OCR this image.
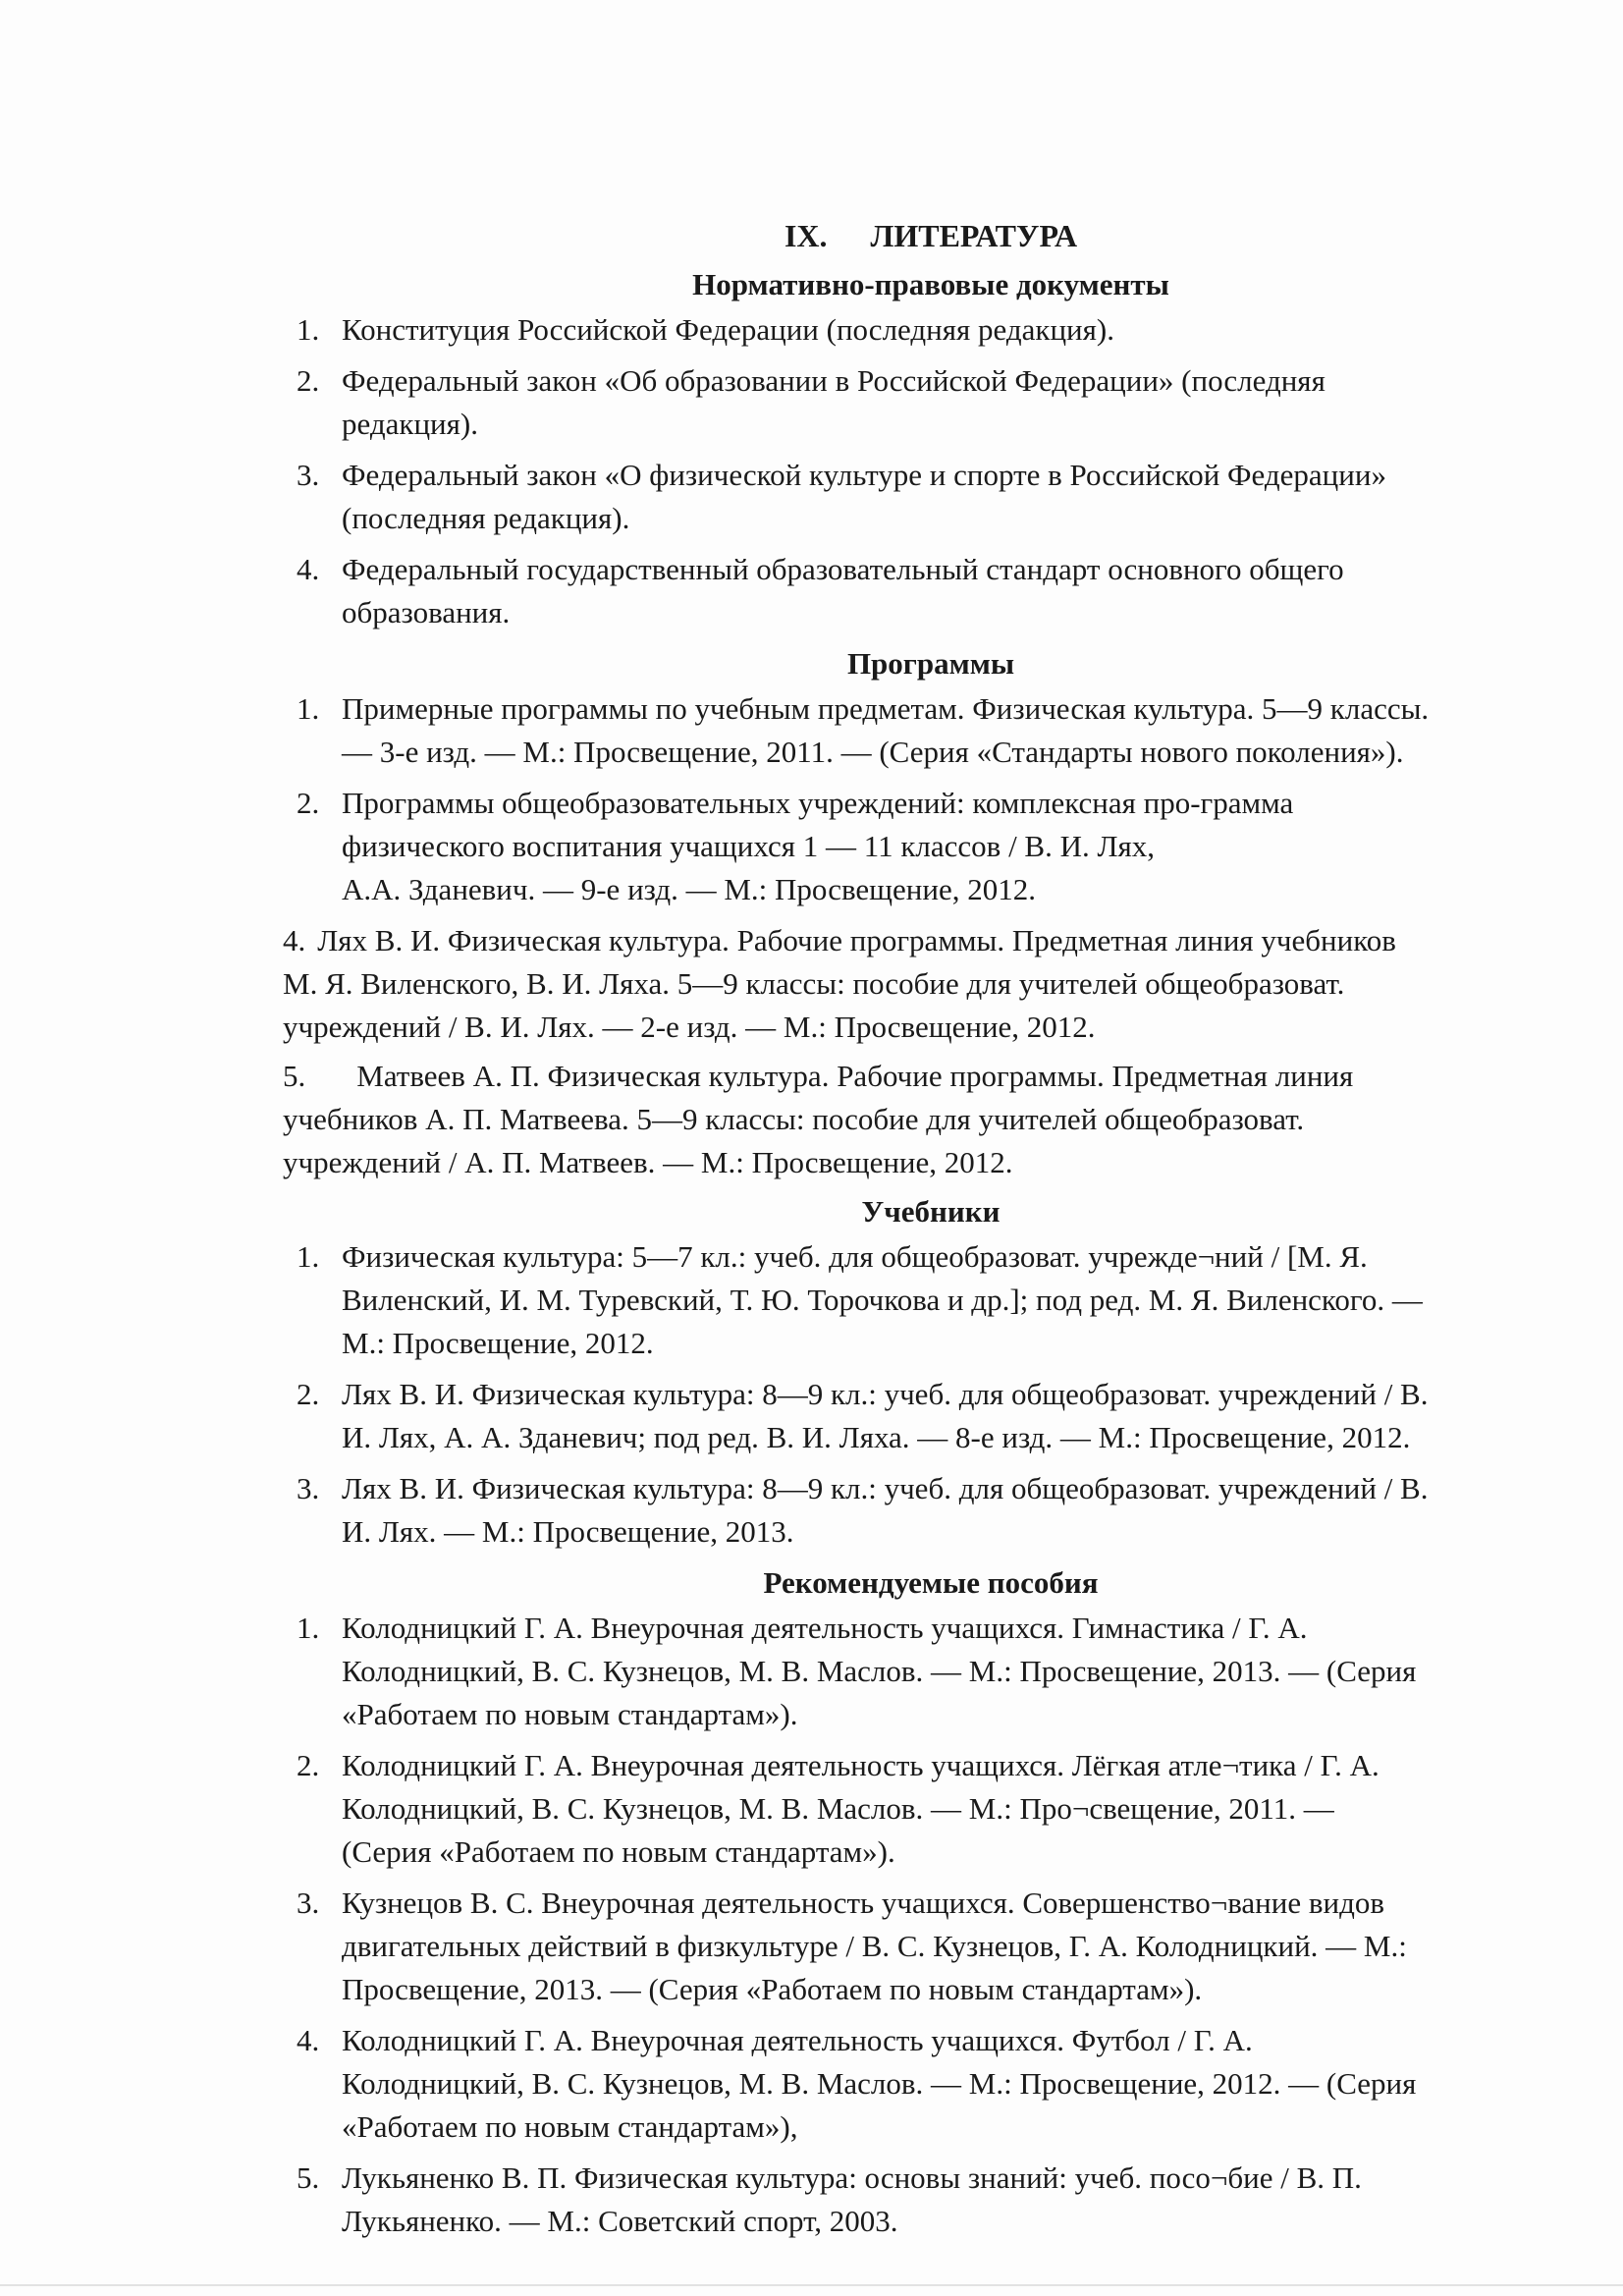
IX. ЛИТЕРАТУРА
Нормативно-правовые документы
1. Конституция Российской Федерации (последняя редакция).
2. Федеральный закон «Об образовании в Российской Федерации» (последняя
редакция).
3. Федеральный закон «О физической культуре и спорте в Российской Федерации»
(последняя редакция).
4. Федеральный государственный образовательный стандарт основного общего
образования.
Программы
1. Примерные программы по учебным предметам. Физическая культура. 5—9 классы.
— 3-е изд. — М.: Просвещение, 2011. — (Серия «Стандарты нового поколения»).
2. Программы общеобразовательных учреждений: комплексная про-грамма
физического воспитания учащихся 1 — 11 классов / В. И. Лях,
А.А. Зданевич. — 9-е изд. — М.: Просвещение, 2012.
4. Лях В. И. Физическая культура. Рабочие программы. Предметная линия учебников
М. Я. Виленского, В. И. Ляха. 5—9 классы: пособие для учителей общеобразоват.
учреждений / В. И. Лях. — 2-е изд. — М.: Просвещение, 2012.
5. Матвеев А. П. Физическая культура. Рабочие программы. Предметная линия
учебников А. П. Матвеева. 5—9 классы: пособие для учителей общеобразоват.
учреждений / А. П. Матвеев. — М.: Просвещение, 2012.
Учебники
1. Физическая культура: 5—7 кл.: учеб. для общеобразоват. учрежде¬ний / [М. Я.
Виленский, И. М. Туревский, Т. Ю. Торочкова и др.]; под ред. М. Я. Виленского. —
М.: Просвещение, 2012.
2. Лях В. И. Физическая культура: 8—9 кл.: учеб. для общеобразоват. учреждений / В.
И. Лях, А. А. Зданевич; под ред. В. И. Ляха. — 8-е изд. — М.: Просвещение, 2012.
3. Лях В. И. Физическая культура: 8—9 кл.: учеб. для общеобразоват. учреждений / В.
И. Лях. — М.: Просвещение, 2013.
Рекомендуемые пособия
1. Колодницкий Г. А. Внеурочная деятельность учащихся. Гимнастика / Г. А.
Колодницкий, В. С. Кузнецов, М. В. Маслов. — М.: Просвещение, 2013. — (Серия
«Работаем по новым стандартам»).
2. Колодницкий Г. А. Внеурочная деятельность учащихся. Лёгкая атле¬тика / Г. А.
Колодницкий, В. С. Кузнецов, М. В. Маслов. — М.: Про¬свещение, 2011. —
(Серия «Работаем по новым стандартам»).
3. Кузнецов В. С. Внеурочная деятельность учащихся. Совершенство¬вание видов
двигательных действий в физкультуре / В. С. Кузнецов, Г. А. Колодницкий. — М.:
Просвещение, 2013. — (Серия «Работаем по новым стандартам»).
4. Колодницкий Г. А. Внеурочная деятельность учащихся. Футбол / Г. А.
Колодницкий, В. С. Кузнецов, М. В. Маслов. — М.: Просвещение, 2012. — (Серия
«Работаем по новым стандартам»),
5. Лукьяненко В. П. Физическая культура: основы знаний: учеб. посо¬бие / В. П.
Лукьяненко. — М.: Советский спорт, 2003.
